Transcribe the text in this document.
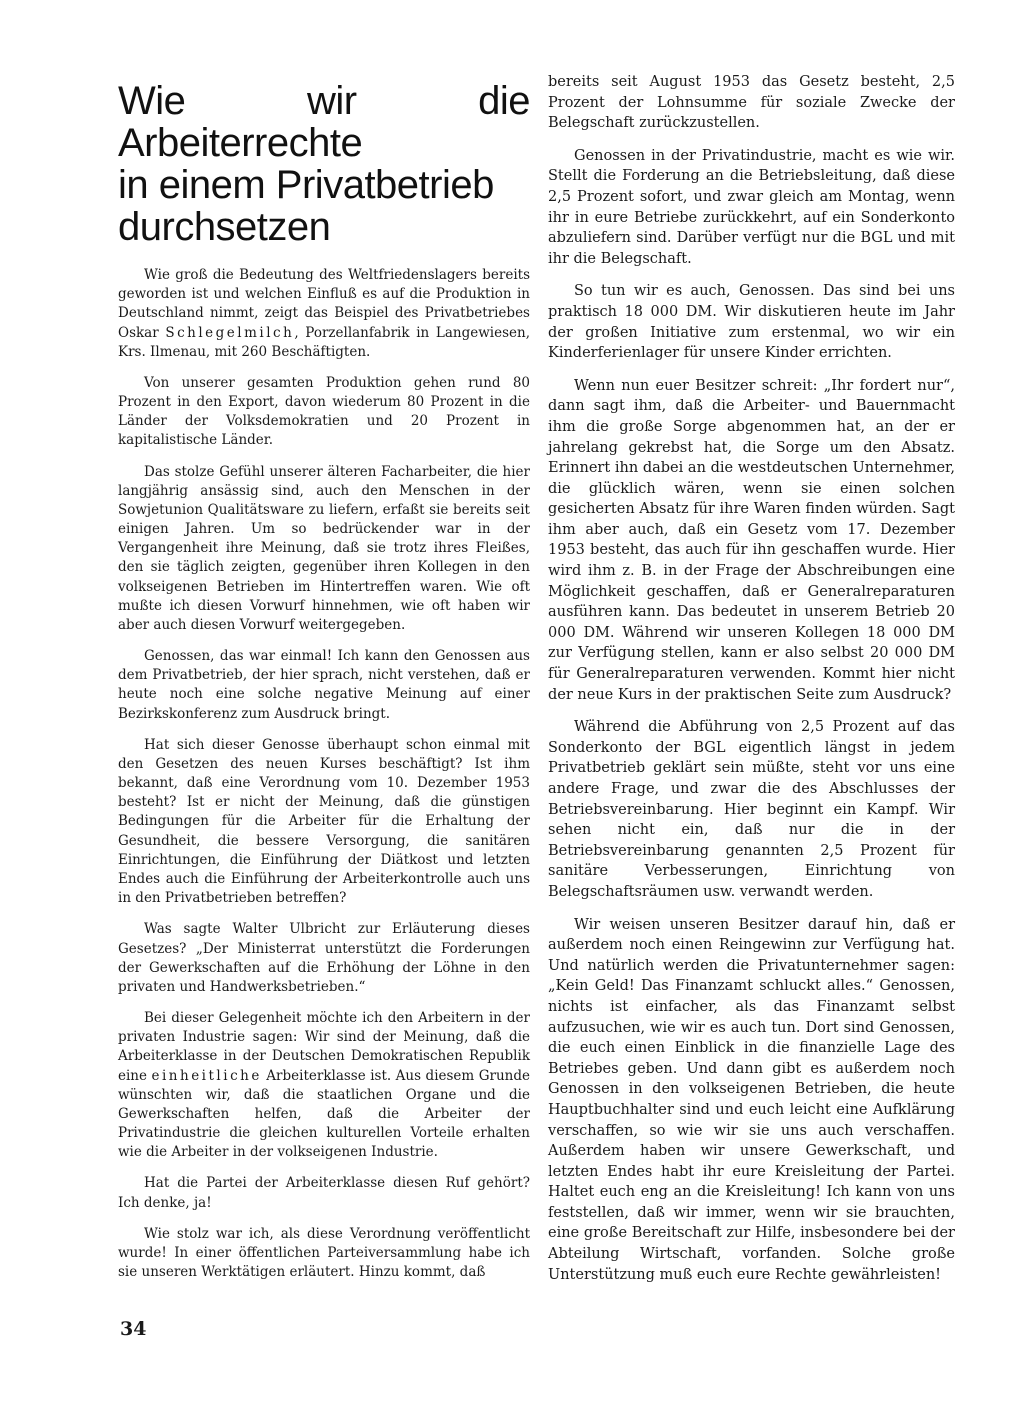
Wie wir die Arbeiterrechte
in einem Privatbetrieb
durchsetzen

Wie groß die Bedeutung des Weltfriedenslagers bereits geworden ist und welchen Einfluß es auf die Produktion in Deutschland nimmt, zeigt das Beispiel des Privatbetriebes Oskar Schlegelmilch, Porzellanfabrik in Langewiesen, Krs. Ilmenau, mit 260 Beschäftigten.

Von unserer gesamten Produktion gehen rund 80 Prozent in den Export, davon wiederum 80 Prozent in die Länder der Volksdemokratien und 20 Prozent in kapitalistische Länder.

Das stolze Gefühl unserer älteren Facharbeiter, die hier langjährig ansässig sind, auch den Menschen in der Sowjetunion Qualitätsware zu liefern, erfaßt sie bereits seit einigen Jahren. Um so bedrückender war in der Vergangenheit ihre Meinung, daß sie trotz ihres Fleißes, den sie täglich zeigten, gegenüber ihren Kollegen in den volkseigenen Betrieben im Hintertreffen waren. Wie oft mußte ich diesen Vorwurf hinnehmen, wie oft haben wir aber auch diesen Vorwurf weitergegeben.

Genossen, das war einmal! Ich kann den Genossen aus dem Privatbetrieb, der hier sprach, nicht verstehen, daß er heute noch eine solche negative Meinung auf einer Bezirkskonferenz zum Ausdruck bringt.

Hat sich dieser Genosse überhaupt schon einmal mit den Gesetzen des neuen Kurses beschäftigt? Ist ihm bekannt, daß eine Verordnung vom 10. Dezember 1953 besteht? Ist er nicht der Meinung, daß die günstigen Bedingungen für die Arbeiter für die Erhaltung der Gesundheit, die bessere Versorgung, die sanitären Einrichtungen, die Einführung der Diätkost und letzten Endes auch die Einführung der Arbeiterkontrolle auch uns in den Privatbetrieben betreffen?

Was sagte Walter Ulbricht zur Erläuterung dieses Gesetzes? „Der Ministerrat unterstützt die Forderungen der Gewerkschaften auf die Erhöhung der Löhne in den privaten und Handwerksbetrieben.“

Bei dieser Gelegenheit möchte ich den Arbeitern in der privaten Industrie sagen: Wir sind der Meinung, daß die Arbeiterklasse in der Deutschen Demokratischen Republik eine einheitliche Arbeiterklasse ist. Aus diesem Grunde wünschten wir, daß die staatlichen Organe und die Gewerkschaften helfen, daß die Arbeiter der Privatindustrie die gleichen kulturellen Vorteile erhalten wie die Arbeiter in der volkseigenen Industrie.

Hat die Partei der Arbeiterklasse diesen Ruf gehört? Ich denke, ja!

Wie stolz war ich, als diese Verordnung veröffentlicht wurde! In einer öffentlichen Parteiversammlung habe ich sie unseren Werktätigen erläutert. Hinzu kommt, daß

bereits seit August 1953 das Gesetz besteht, 2,5 Prozent der Lohnsumme für soziale Zwecke der Belegschaft zurückzustellen.

Genossen in der Privatindustrie, macht es wie wir. Stellt die Forderung an die Betriebsleitung, daß diese 2,5 Prozent sofort, und zwar gleich am Montag, wenn ihr in eure Betriebe zurückkehrt, auf ein Sonderkonto abzuliefern sind. Darüber verfügt nur die BGL und mit ihr die Belegschaft.

So tun wir es auch, Genossen. Das sind bei uns praktisch 18 000 DM. Wir diskutieren heute im Jahr der großen Initiative zum erstenmal, wo wir ein Kinderferienlager für unsere Kinder errichten.

Wenn nun euer Besitzer schreit: „Ihr fordert nur“, dann sagt ihm, daß die Arbeiter- und Bauernmacht ihm die große Sorge abgenommen hat, an der er jahrelang gekrebst hat, die Sorge um den Absatz. Erinnert ihn dabei an die westdeutschen Unternehmer, die glücklich wären, wenn sie einen solchen gesicherten Absatz für ihre Waren finden würden. Sagt ihm aber auch, daß ein Gesetz vom 17. Dezember 1953 besteht, das auch für ihn geschaffen wurde. Hier wird ihm z. B. in der Frage der Abschreibungen eine Möglichkeit geschaffen, daß er Generalreparaturen ausführen kann. Das bedeutet in unserem Betrieb 20 000 DM. Während wir unseren Kollegen 18 000 DM zur Verfügung stellen, kann er also selbst 20 000 DM für Generalreparaturen verwenden. Kommt hier nicht der neue Kurs in der praktischen Seite zum Ausdruck?

Während die Abführung von 2,5 Prozent auf das Sonderkonto der BGL eigentlich längst in jedem Privatbetrieb geklärt sein müßte, steht vor uns eine andere Frage, und zwar die des Abschlusses der Betriebsvereinbarung. Hier beginnt ein Kampf. Wir sehen nicht ein, daß nur die in der Betriebsvereinbarung genannten 2,5 Prozent für sanitäre Verbesserungen, Einrichtung von Belegschaftsräumen usw. verwandt werden.

Wir weisen unseren Besitzer darauf hin, daß er außerdem noch einen Reingewinn zur Verfügung hat. Und natürlich werden die Privatunternehmer sagen: „Kein Geld! Das Finanzamt schluckt alles.“ Genossen, nichts ist einfacher, als das Finanzamt selbst aufzusuchen, wie wir es auch tun. Dort sind Genossen, die euch einen Einblick in die finanzielle Lage des Betriebes geben. Und dann gibt es außerdem noch Genossen in den volkseigenen Betrieben, die heute Hauptbuchhalter sind und euch leicht eine Aufklärung verschaffen, so wie wir sie uns auch verschaffen. Außerdem haben wir unsere Gewerkschaft, und letzten Endes habt ihr eure Kreisleitung der Partei. Haltet euch eng an die Kreisleitung! Ich kann von uns feststellen, daß wir immer, wenn wir sie brauchten, eine große Bereitschaft zur Hilfe, insbesondere bei der Abteilung Wirtschaft, vorfanden. Solche große Unterstützung muß euch eure Rechte gewährleisten!

34
